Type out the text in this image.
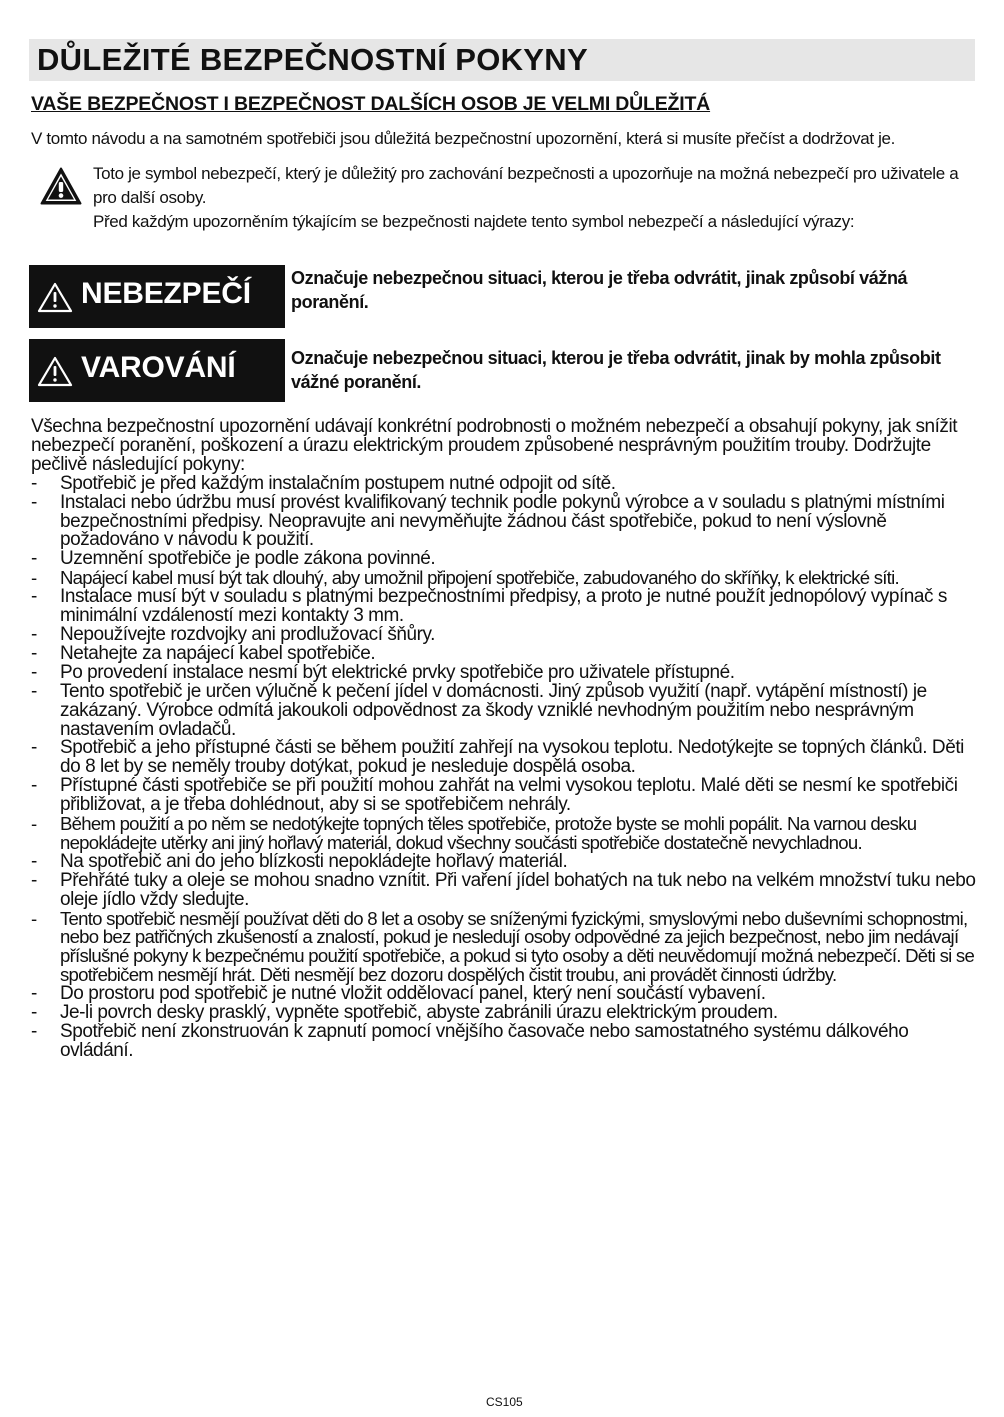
DŮLEŽITÉ BEZPEČNOSTNÍ POKYNY
VAŠE BEZPEČNOST I BEZPEČNOST DALŠÍCH OSOB JE VELMI DŮLEŽITÁ
V tomto návodu a na samotném spotřebiči jsou důležitá bezpečnostní upozornění, která si musíte přečíst a dodržovat je.

Toto je symbol nebezpečí, který je důležitý pro zachování bezpečnosti a upozorňuje na možná nebezpečí pro uživatele a pro další osoby.

Před každým upozorněním týkajícím se bezpečnosti najdete tento symbol nebezpečí a následující výrazy:

NEBEZPEČÍ Označuje nebezpečnou situaci, kterou je třeba odvrátit, jinak způsobí vážná poranění.
VAROVÁNÍ	Označuje nebezpečnou situaci, kterou je třeba odvrátit, jinak by mohla způsobit vážné poranění.

Všechna bezpečnostní upozornění udávají konkrétní podrobnosti o možném nebezpečí a obsahují pokyny, jak snížit nebezpečí poranění, poškození a úrazu elektrickým proudem způsobené nesprávným použitím trouby. Dodržujte pečlivě následující pokyny:

- Spotřebič je před každým instalačním postupem nutné odpojit od sítě.
- Instalaci nebo údržbu musí provést kvalifikovaný technik podle pokynů výrobce a v souladu s platnými místními bezpečnostními předpisy. Neopravujte ani nevyměňujte žádnou část spotřebiče, pokud to není výslovně požadováno v návodu k použití.
- Uzemnění spotřebiče je podle zákona povinné.
- Napájecí kabel musí být tak dlouhý, aby umožnil připojení spotřebiče, zabudovaného do skříňky, k elektrické síti.
- Instalace musí být v souladu s platnými bezpečnostními předpisy, a proto je nutné použít jednopólový vypínač s minimální vzdáleností mezi kontakty 3 mm.
- Nepoužívejte rozdvojky ani prodlužovací šňůry.
- Netahejte za napájecí kabel spotřebiče.
- Po provedení instalace nesmí být elektrické prvky spotřebiče pro uživatele přístupné.
- Tento spotřebič je určen výlučně k pečení jídel v domácnosti. Jiný způsob využití (např. vytápění místností) je zakázaný. Výrobce odmítá jakoukoli odpovědnost za škody vzniklé nevhodným použitím nebo nesprávným nastavením ovladačů.
- Spotřebič a jeho přístupné části se během použití zahřejí na vysokou teplotu. Nedotýkejte se topných článků. Děti do 8 let by se neměly trouby dotýkat, pokud je nesleduje dospělá osoba.
- Přístupné části spotřebiče se při použití mohou zahřát na velmi vysokou teplotu. Malé děti se nesmí ke spotřebiči přibližovat, a je třeba dohlédnout, aby si se spotřebičem nehrály.
- Během použití a po něm se nedotýkejte topných těles spotřebiče, protože byste se mohli popálit. Na varnou desku nepokládejte utěrky ani jiný hořlavý materiál, dokud všechny součásti spotřebiče dostatečně nevychladnou.
- Na spotřebič ani do jeho blízkosti nepokládejte hořlavý materiál.
- Přehřáté tuky a oleje se mohou snadno vznítit. Při vaření jídel bohatých na tuk nebo na velkém množství tuku nebo oleje jídlo vždy sledujte.
- Tento spotřebič nesmějí používat děti do 8 let a osoby se sníženými fyzickými, smyslovými nebo duševními schopnostmi, nebo bez patřičných zkušeností a znalostí, pokud je nesledují osoby odpovědné za jejich bezpečnost, nebo jim nedávají příslušné pokyny k bezpečnému použití spotřebiče, a pokud si tyto osoby a děti neuvědomují možná nebezpečí. Děti si se spotřebičem nesmějí hrát. Děti nesmějí bez dozoru dospělých čistit troubu, ani provádět činnosti údržby.
- Do prostoru pod spotřebič je nutné vložit oddělovací panel, který není součástí vybavení.
- Je-li povrch desky prasklý, vypněte spotřebič, abyste zabránili úrazu elektrickým proudem.
- Spotřebič není zkonstruován k zapnutí pomocí vnějšího časovače nebo samostatného systému dálkového ovládání.
CS105
